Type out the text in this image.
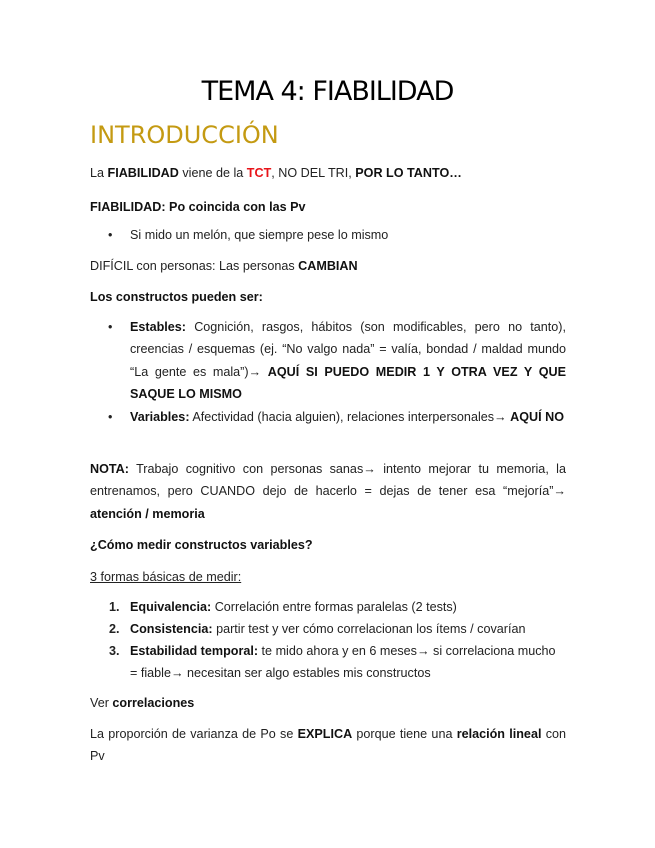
TEMA 4: FIABILIDAD
INTRODUCCIÓN
La FIABILIDAD viene de la TCT, NO DEL TRI, POR LO TANTO…
FIABILIDAD: Po coincida con las Pv
• Si mido un melón, que siempre pese lo mismo
DIFÍCIL con personas: Las personas CAMBIAN
Los constructos pueden ser:
• Estables: Cognición, rasgos, hábitos (son modificables, pero no tanto), creencias / esquemas (ej. “No valgo nada” = valía, bondad / maldad mundo “La gente es mala”)→ AQUÍ SI PUEDO MEDIR 1 Y OTRA VEZ Y QUE SAQUE LO MISMO
• Variables: Afectividad (hacia alguien), relaciones interpersonales→ AQUÍ NO
NOTA: Trabajo cognitivo con personas sanas→ intento mejorar tu memoria, la entrenamos, pero CUANDO dejo de hacerlo = dejas de tener esa “mejoría”→ atención / memoria
¿Cómo medir constructos variables?
3 formas básicas de medir:
1. Equivalencia: Correlación entre formas paralelas (2 tests)
2. Consistencia: partir test y ver cómo correlacionan los ítems / covarían
3. Estabilidad temporal: te mido ahora y en 6 meses→ si correlaciona mucho = fiable→ necesitan ser algo estables mis constructos
Ver correlaciones
La proporción de varianza de Po se EXPLICA porque tiene una relación lineal con Pv
